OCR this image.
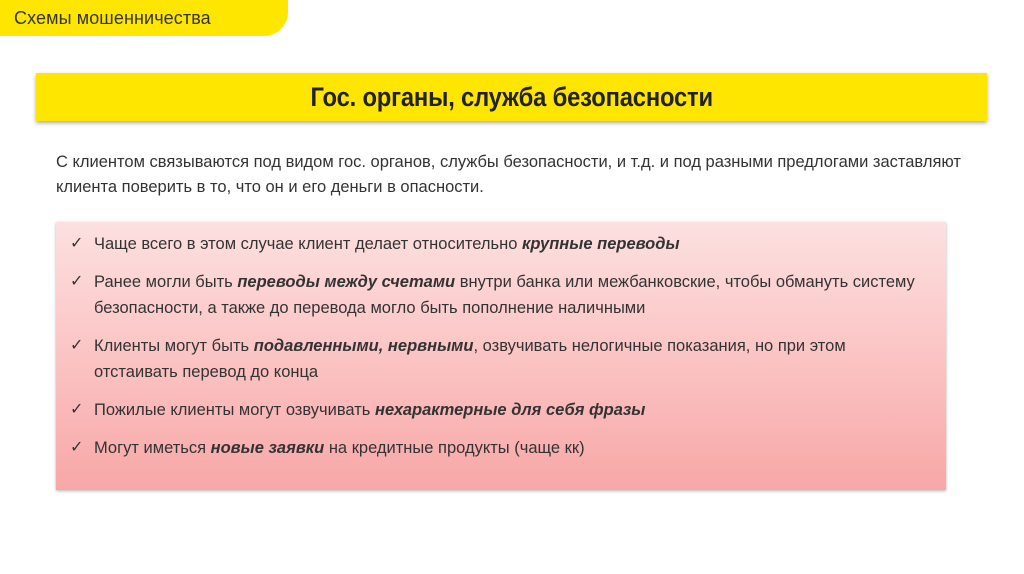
Схемы мошенничества
Гос. органы, служба безопасности

С клиентом связываются под видом гос. органов, службы безопасности, и т.д. и под разными предлогами заставляют клиента поверить в то, что он и его деньги в опасности.

✓ Чаще всего в этом случае клиент делает относительно крупные переводы
✓ Ранее могли быть переводы между счетами внутри банка или межбанковские, чтобы обмануть систему безопасности, а также до перевода могло быть пополнение наличными
✓ Клиенты могут быть подавленными, нервными, озвучивать нелогичные показания, но при этом отстаивать перевод до конца
✓ Пожилые клиенты могут озвучивать нехарактерные для себя фразы
✓ Могут иметься новые заявки на кредитные продукты (чаще кк)
